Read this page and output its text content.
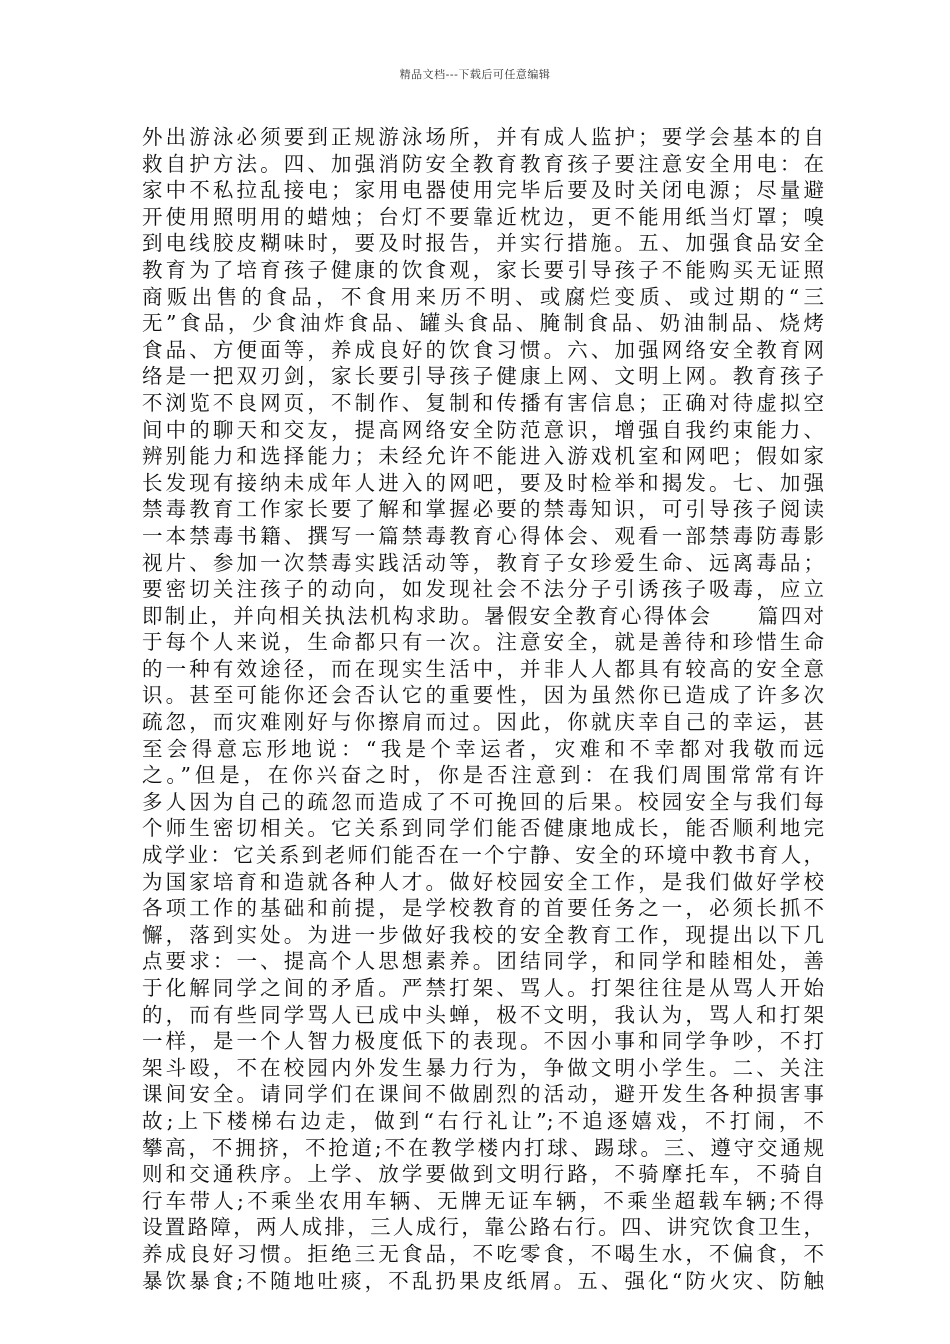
精品文档---下载后可任意编辑
外出游泳必须要到正规游泳场所，并有成人监护；要学会基本的自
救自护方法。四、加强消防安全教育教育孩子要注意安全用电：在
家中不私拉乱接电；家用电器使用完毕后要及时关闭电源；尽量避
开使用照明用的蜡烛；台灯不要靠近枕边，更不能用纸当灯罩；嗅
到电线胶皮糊味时，要及时报告，并实行措施。五、加强食品安全
教育为了培育孩子健康的饮食观，家长要引导孩子不能购买无证照
商贩出售的食品，不食用来历不明、或腐烂变质、或过期的“三
无”食品，少食油炸食品、罐头食品、腌制食品、奶油制品、烧烤
食品、方便面等，养成良好的饮食习惯。六、加强网络安全教育网
络是一把双刃剑，家长要引导孩子健康上网、文明上网。教育孩子
不浏览不良网页，不制作、复制和传播有害信息；正确对待虚拟空
间中的聊天和交友，提高网络安全防范意识，增强自我约束能力、
辨别能力和选择能力；未经允许不能进入游戏机室和网吧；假如家
长发现有接纳未成年人进入的网吧，要及时检举和揭发。七、加强
禁毒教育工作家长要了解和掌握必要的禁毒知识，可引导孩子阅读
一本禁毒书籍、撰写一篇禁毒教育心得体会、观看一部禁毒防毒影
视片、参加一次禁毒实践活动等，教育子女珍爱生命、远离毒品；
要密切关注孩子的动向，如发现社会不法分子引诱孩子吸毒，应立
即制止，并向相关执法机构求助。暑假安全教育心得体会　　篇四对
于每个人来说，生命都只有一次。注意安全，就是善待和珍惜生命
的一种有效途径，而在现实生活中，并非人人都具有较高的安全意
识。甚至可能你还会否认它的重要性，因为虽然你已造成了许多次
疏忽，而灾难刚好与你擦肩而过。因此，你就庆幸自己的幸运，甚
至会得意忘形地说：“我是个幸运者，灾难和不幸都对我敬而远
之。”但是，在你兴奋之时，你是否注意到：在我们周围常常有许
多人因为自己的疏忽而造成了不可挽回的后果。校园安全与我们每
个师生密切相关。它关系到同学们能否健康地成长，能否顺利地完
成学业：它关系到老师们能否在一个宁静、安全的环境中教书育人，
为国家培育和造就各种人才。做好校园安全工作，是我们做好学校
各项工作的基础和前提，是学校教育的首要任务之一，必须长抓不
懈，落到实处。为进一步做好我校的安全教育工作，现提出以下几
点要求：一、提高个人思想素养。团结同学，和同学和睦相处，善
于化解同学之间的矛盾。严禁打架、骂人。打架往往是从骂人开始
的，而有些同学骂人已成中头蝉，极不文明，我认为，骂人和打架
一样，是一个人智力极度低下的表现。不因小事和同学争吵，不打
架斗殴，不在校园内外发生暴力行为，争做文明小学生。二、关注
课间安全。请同学们在课间不做剧烈的活动，避开发生各种损害事
故;上下楼梯右边走，做到“右行礼让”;不追逐嬉戏，不打闹，不
攀高，不拥挤，不抢道;不在教学楼内打球、踢球。三、遵守交通规
则和交通秩序。上学、放学要做到文明行路，不骑摩托车，不骑自
行车带人;不乘坐农用车辆、无牌无证车辆，不乘坐超载车辆;不得
设置路障，两人成排，三人成行，靠公路右行。四、讲究饮食卫生，
养成良好习惯。拒绝三无食品，不吃零食，不喝生水，不偏食，不
暴饮暴食;不随地吐痰，不乱扔果皮纸屑。五、强化“防火灾、防触
